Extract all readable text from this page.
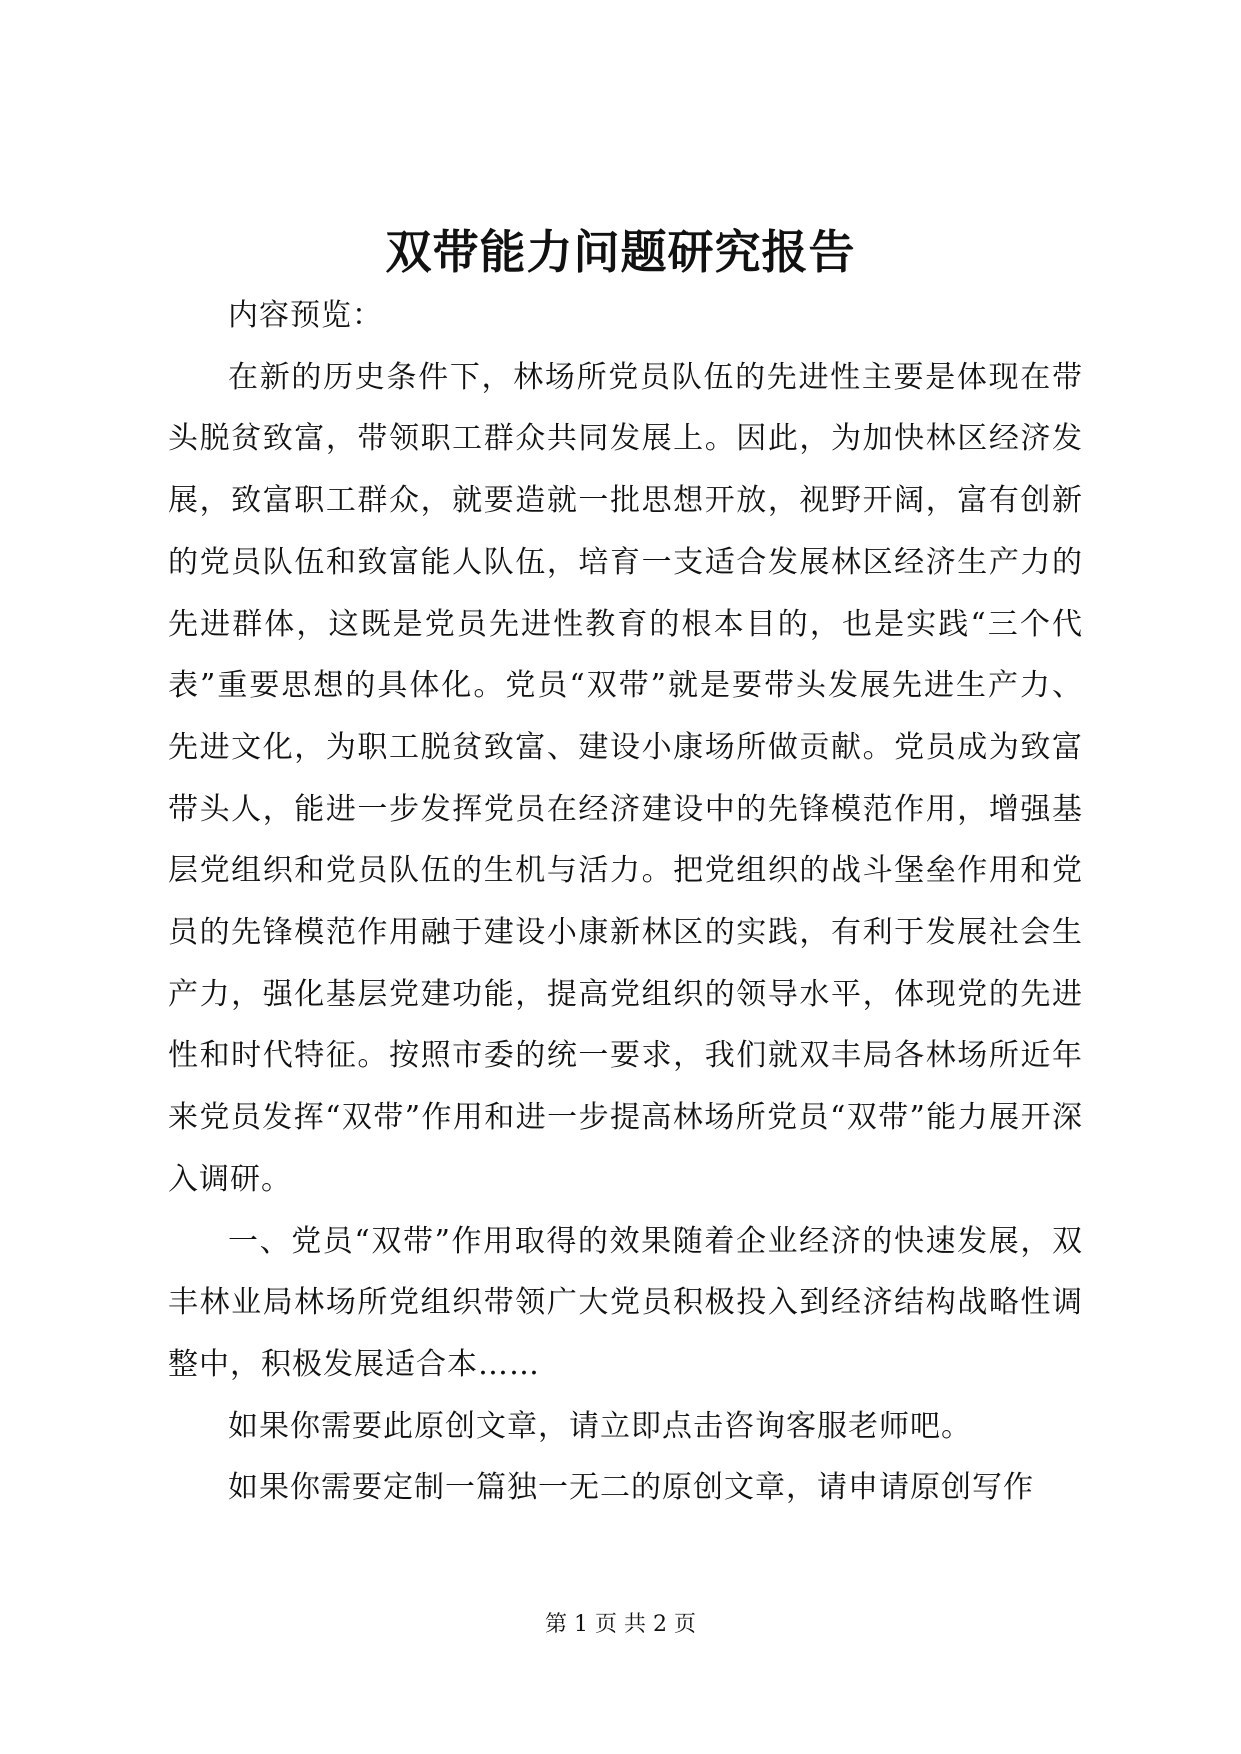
双带能力问题研究报告

内容预览：

在新的历史条件下，林场所党员队伍的先进性主要是体现在带头脱贫致富，带领职工群众共同发展上。因此，为加快林区经济发展，致富职工群众，就要造就一批思想开放，视野开阔，富有创新的党员队伍和致富能人队伍，培育一支适合发展林区经济生产力的先进群体，这既是党员先进性教育的根本目的，也是实践“三个代表”重要思想的具体化。党员“双带”就是要带头发展先进生产力、先进文化，为职工脱贫致富、建设小康场所做贡献。党员成为致富带头人，能进一步发挥党员在经济建设中的先锋模范作用，增强基层党组织和党员队伍的生机与活力。把党组织的战斗堡垒作用和党员的先锋模范作用融于建设小康新林区的实践，有利于发展社会生产力，强化基层党建功能，提高党组织的领导水平，体现党的先进性和时代特征。按照市委的统一要求，我们就双丰局各林场所近年来党员发挥“双带”作用和进一步提高林场所党员“双带”能力展开深入调研。

一、党员“双带”作用取得的效果随着企业经济的快速发展，双丰林业局林场所党组织带领广大党员积极投入到经济结构战略性调整中，积极发展适合本……

如果你需要此原创文章，请立即点击咨询客服老师吧。

如果你需要定制一篇独一无二的原创文章，请申请原创写作

第 1 页 共 2 页
